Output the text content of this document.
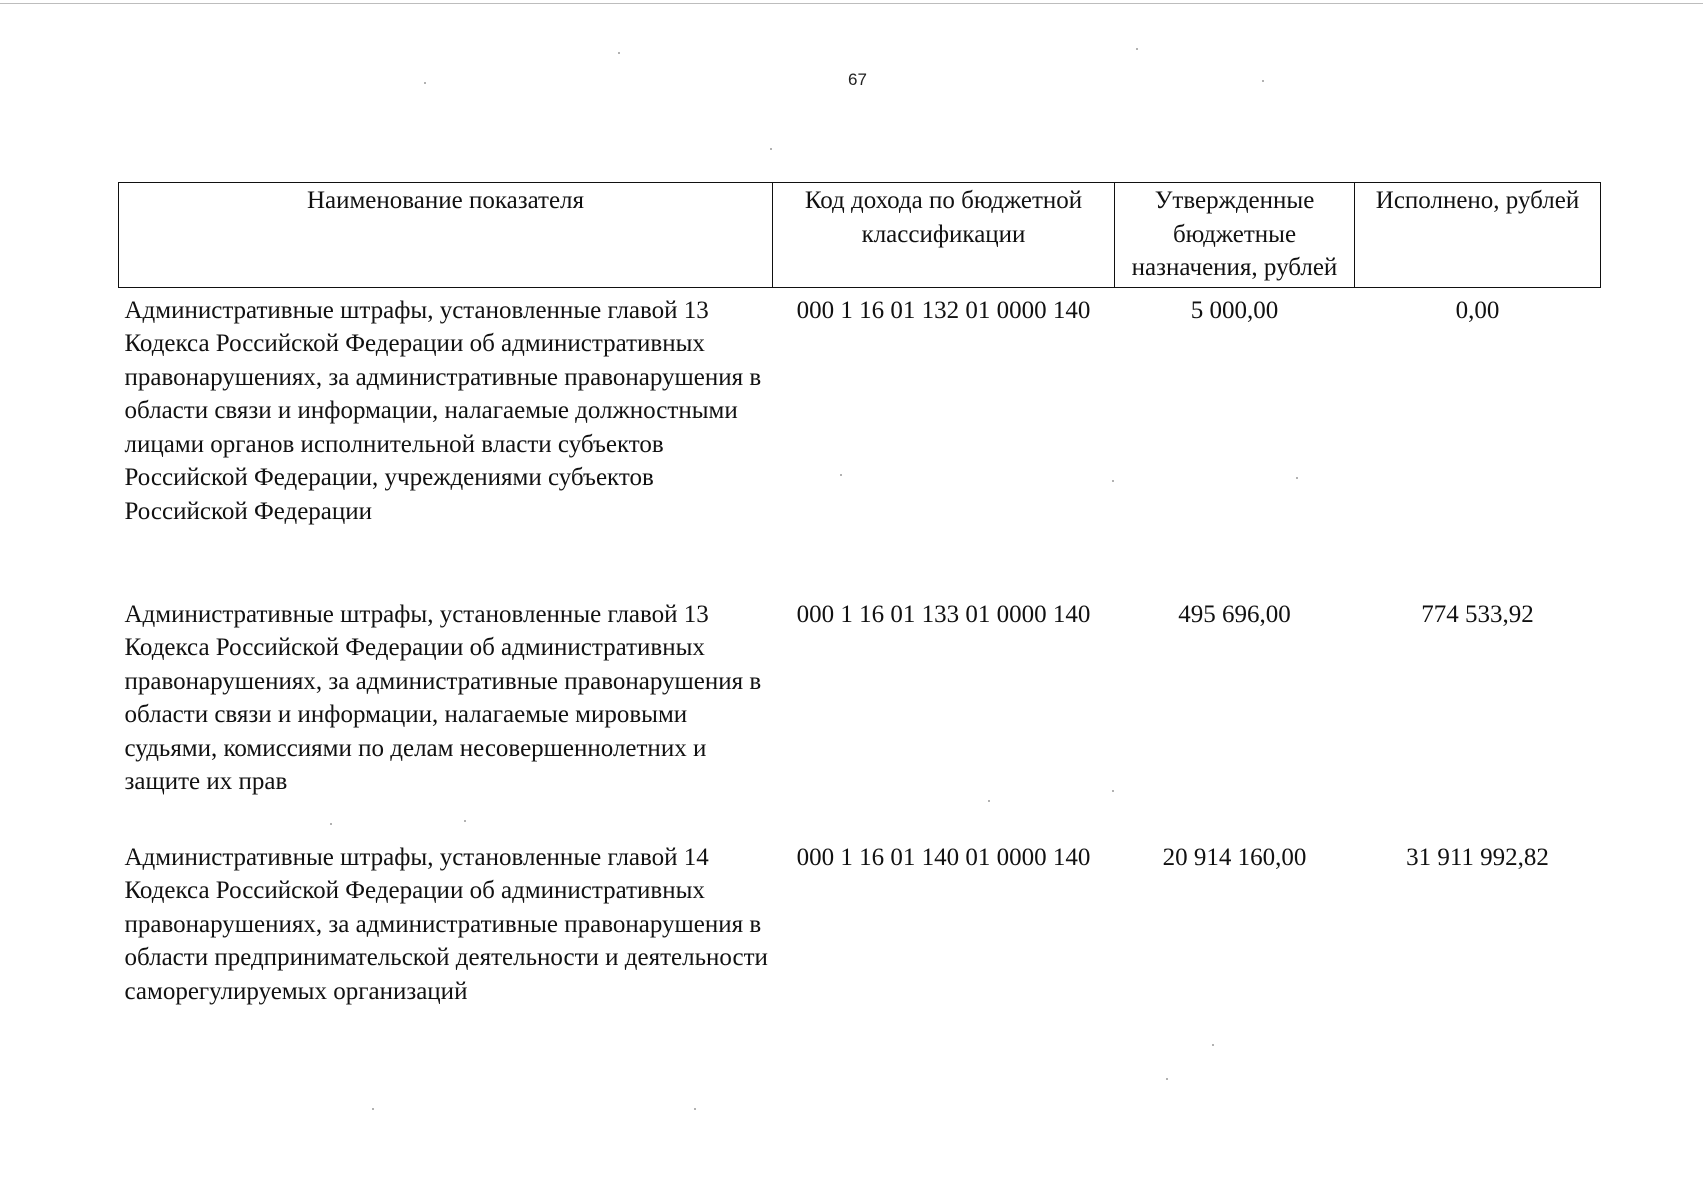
67
Наименование показателя	Код дохода по бюджетной классификации	Утвержденные бюджетные назначения, рублей	Исполнено, рублей
Административные штрафы, установленные главой 13 Кодекса Российской Федерации об административных правонарушениях, за административные правонарушения в области связи и информации, налагаемые должностными лицами органов исполнительной власти субъектов Российской Федерации, учреждениями субъектов Российской Федерации	000 1 16 01 132 01 0000 140	5 000,00	0,00
Административные штрафы, установленные главой 13 Кодекса Российской Федерации об административных правонарушениях, за административные правонарушения в области связи и информации, налагаемые мировыми судьями, комиссиями по делам несовершеннолетних и защите их прав	000 1 16 01 133 01 0000 140	495 696,00	774 533,92
Административные штрафы, установленные главой 14 Кодекса Российской Федерации об административных правонарушениях, за административные правонарушения в области предпринимательской деятельности и деятельности саморегулируемых организаций	000 1 16 01 140 01 0000 140	20 914 160,00	31 911 992,82
